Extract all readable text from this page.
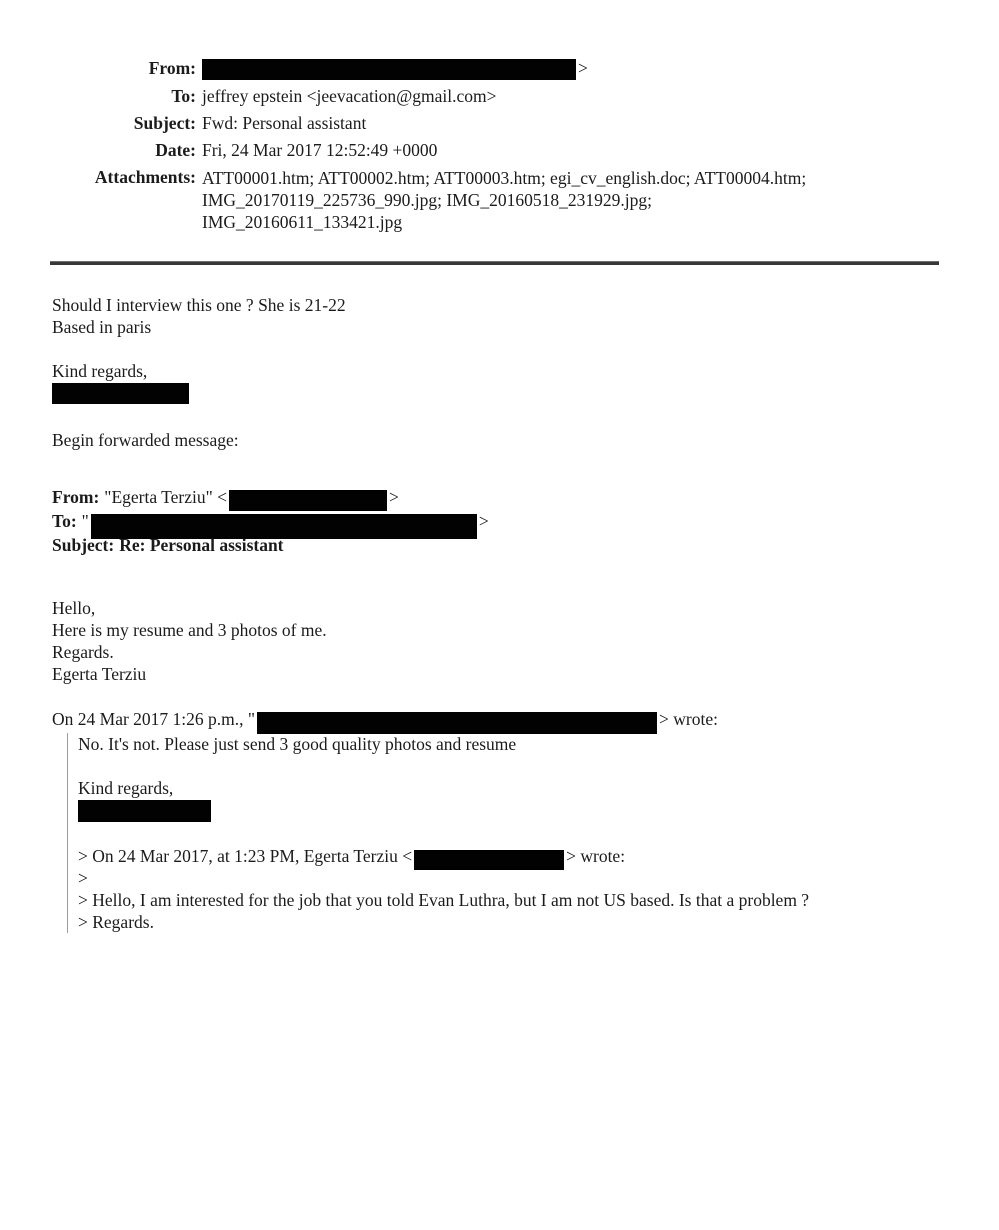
From:	>
To: jeffrey epstein <jeevacation@gmail.com>
Subject: Fwd: Personal assistant
Date: Fri, 24 Mar 2017 12:52:49 +0000
Attachments: ATT00001.htm; ATT00002.htm; ATT00003.htm; egi_cv_english.doc; ATT00004.htm;
IMG_20170119_225736_990.jpg; IMG_20160518_231929.jpg;
IMG_20160611_133421.jpg
Should I interview this one ? She is 21-22
Based in paris
Kind regards,
Begin forwarded message:
From: "Egerta Terziu" <	>
To: "	>
Subject: Re: Personal assistant
Hello,
Here is my resume and 3 photos of me.
Regards.
Egerta Terziu
On 24 Mar 2017 1:26 p.m., "	> wrote:
No. It's not. Please just send 3 good quality photos and resume
Kind regards,
> On 24 Mar 2017, at 1:23 PM, Egerta Terziu <	> wrote:
>
> Hello, I am interested for the job that you told Evan Luthra, but I am not US based. Is that a problem ?
> Regards.
